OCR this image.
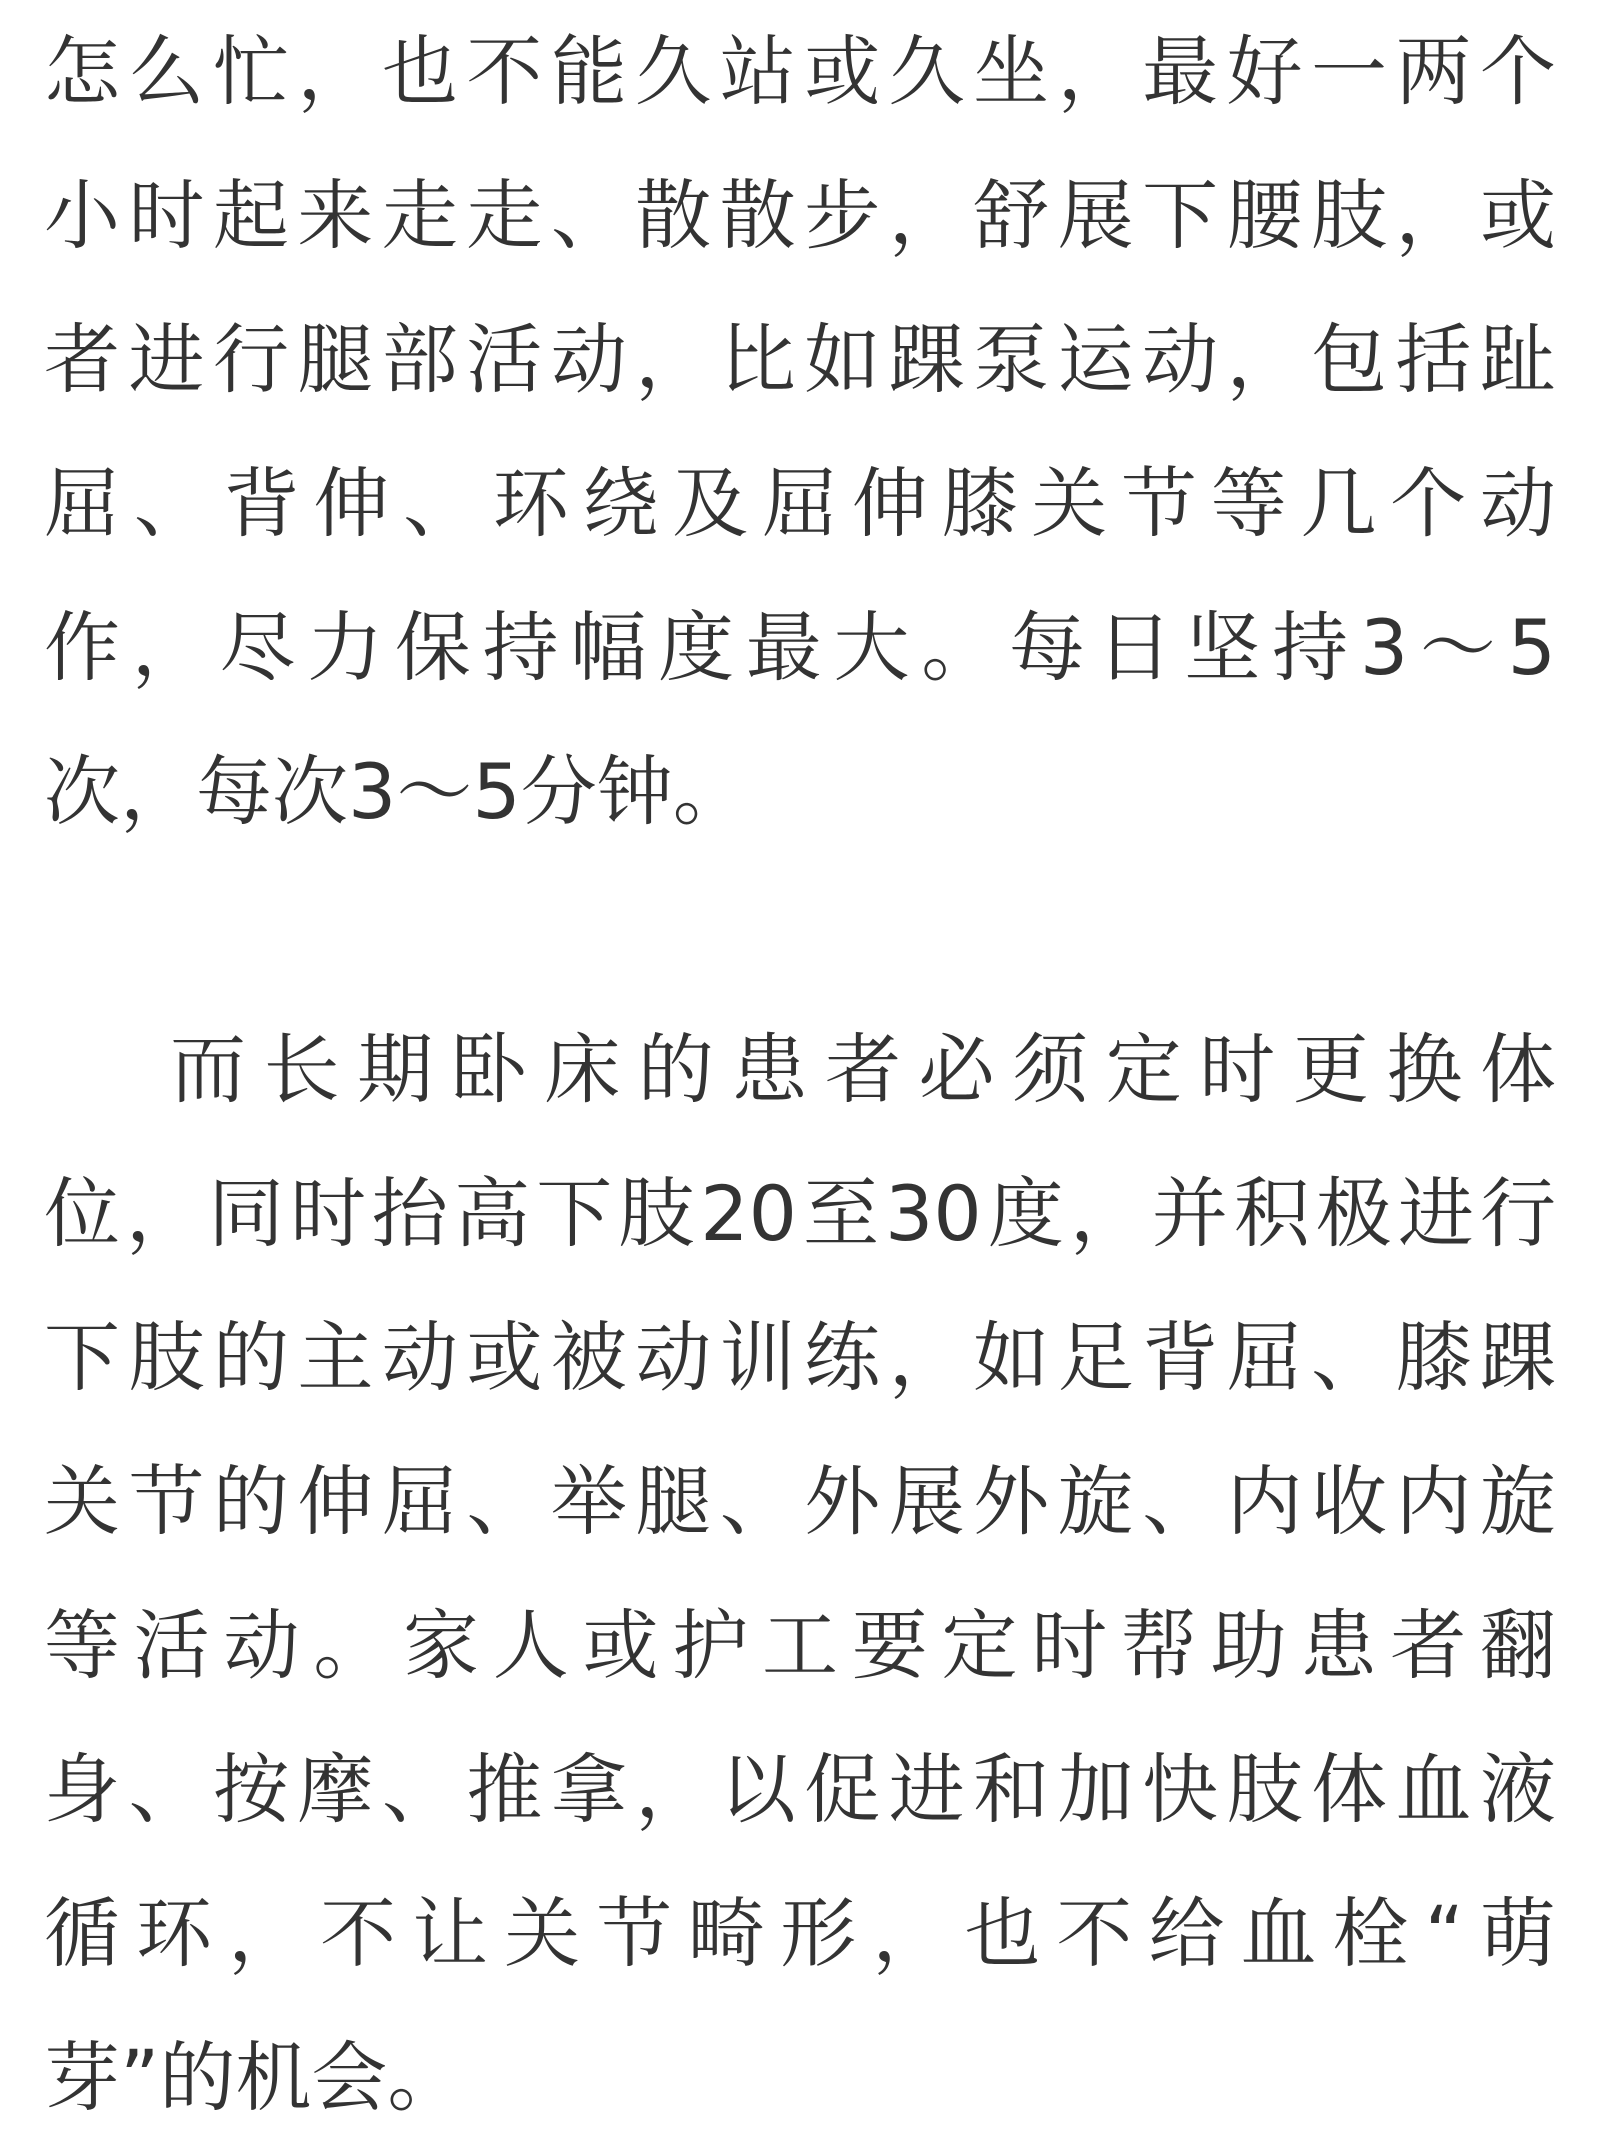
怎么忙，也不能久站或久坐，最好一两个
小时起来走走、散散步，舒展下腰肢，或
者进行腿部活动，比如踝泵运动，包括趾
屈、背伸、环绕及屈伸膝关节等几个动
作，尽力保持幅度最大。每日坚持3～5
次，每次3～5分钟。
而长期卧床的患者必须定时更换体
位，同时抬高下肢20至30度，并积极进行
下肢的主动或被动训练，如足背屈、膝踝
关节的伸屈、举腿、外展外旋、内收内旋
等活动。家人或护工要定时帮助患者翻
身、按摩、推拿，以促进和加快肢体血液
循环，不让关节畸形，也不给血栓“萌
芽”的机会。
